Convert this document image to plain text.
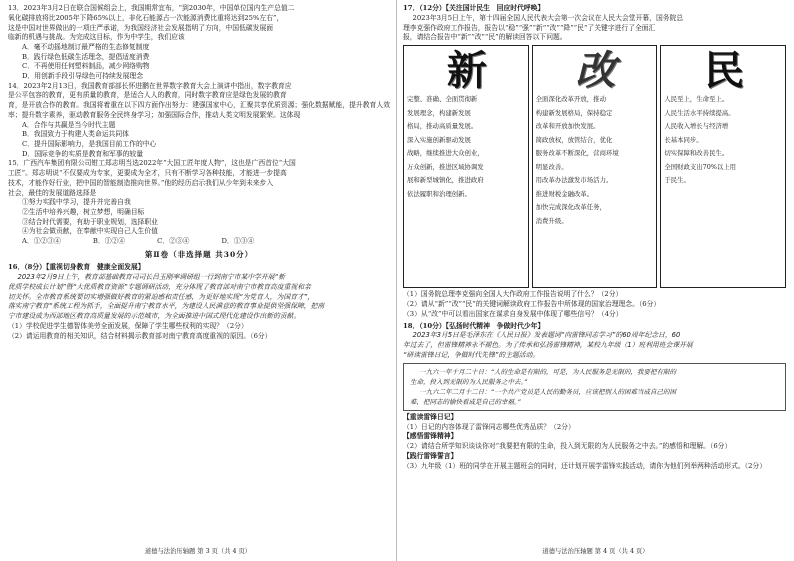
13．2023年3月2日在联合国候组会上，我国期常宜布，“到2030年，中国单位国内生产总值二

氧化碳排放将比2005年下降65%以上，非化石能源占一次能源消费比重将达到25%左右”，

这是中国对世界做出的一项庄严承诺，为我国经济社会发展指明了方向，中国低碳发展面

临新的机遇与挑战。为完成这目标，作为中学生，我们应该

A．毫不动摇地制订最严格的生态修复制度

B．践行绿色低碳生活理念，提倡适度消费

C．不再使用任何塑料制品，减少网络购物

D．用创新手段引导绿色可持续发展理念

14．2023年2月13日，我国教育部部长怀进鹏在世界数字教育大会上演讲中指出，数字教育应

是公平包容的教育，更有质量的教育，是适合人人的教育，同时数字教育应是绿色发展的教育

育，是开放合作的教育。我国将着重在以下四方面作出努力：建强国家中心，汇聚共享优质资源；强化数据赋能，提升教育人效率；提升数字素养，驱动教育服务全民终身学习；加强国际合作，推动人类文明发展繁荣。这体现

A．合作与共赢是当今时代主题

B．我国致力于构建人类命运共同体

C．提升国际影响力，是我国目前工作的中心

D．国际竞争的实质是教育和军事的较量

15．广西汽车集团有限公司钳工郑志明当选2022年“大国工匠年度人物”，这也是广西首位“大国

工匠”。郑志明说“不仅要成为专家，更要成为全才，只有不断学习各种技能，才能进一步提高

技术，才能作好行业，把中国的智能制造推向世界。”他的经历启示我们从少年到未来步入

社会，最佳的发展道路选择是

①努力实践中学习，提升并完善自我

②生活中培养兴趣，树立梦想，明确目标

③结合时代需要，有助于职业规划，选择职业

④为社会做贡献，在奉献中实现自己人生价值

A．①②③④	B．①②④	C．②③④	D．①③④
第Ⅱ卷（非选择题 共30分）

16．（8分）【重视切身教育　健康全面发展】

2023年2月9日上午，教育部基础教育司司长吕玉刚率调研组一行到南宁市某中学开展“新

优质学校成长计划”暨“大优质教育资源”专题调研活动，充分体现了教育部对南宁市教育高度重视和亲

切关怀。全市教育系统要切实增强做好教育的紧迫感和责任感，为更好地实现“为党育人，为国育才”，

落实南宁教育“系统工程为抓手，全面提升南宁教育水平，为建设人民满意的教育事业提供坚强保障，把南

宁市建设成为西部地区教育高质量发展的示范城市，为全面推进中国式现代化建设作出新的贡献。

（1）学校促进学生德智体美劳全面发展，保障了学生哪些权利的实现？（2分）

（2）请运用教育的相关知识，结合材料揭示教育部对南宁教育高度重视的原因。（6分）

道德与法治压轴题 第 3 页（共 4 页）

17．（12分）【关注国计民生　回应时代呼唤】

2023年3月5日上午，第十四届全国人民代表大会第一次会议在人民大会堂开幕，国务院总

理李克强作政府工作报告，报告以“稳”“强”“新”“改”“降”“民”了关键字进行了全面汇

报，请结合报告中“新”“改”“民”的解读回答以下问题。

新

完整、准确、全面贯彻新

发展理念，构建新发展

格局，推动高质量发展。

深入实施创新驱动发展

战略，继续推进大众创业，

万众创新，推进区域协调发

展和新型城镇化，推进政府

依法履职和治理创新。

改

全面深化改革开放，推动

构建新发展格局，保持稳定

改革和开放加快发展。

简政放权，放管结合，优化

服务改革不断深化，营商环境

明显改善。

用改革办法激发市场活力。

推进财税金融改革。

加快完成深化改革任务，

消费升级。

民

人民至上，生命至上。

人民生活水平持续提高。

人民收入增长与经济增

长基本同步。

切实保障和改善民生。

全国财政支出70%以上用

于民生。

（1）国务院总理李克强向全国人大作政府工作报告说明了什么？（2分）

（2）请从“新”“改”“民”的关键词解读政府工作报告中所体现的国家治理理念。（6分）

（3）从“改”中可以看出国家在谋求自身发展中体现了哪些信号？（4分）

18．（10分）【弘扬时代精神　争做时代少年】

2023年3月5日是毛泽东在《人民日报》发表题词“向雷锋同志学习”的60周年纪念日，60

年过去了，但雷锋精神永不褪色。为了传承和弘扬雷锋精神，某校九年级（1）班利用班会课开展

“研读雷锋日记，争做时代先锋”的主题活动。

一九六一年十月二十日：“人的生命是有限的，可是，为人民服务是无限的，我要把有限的

生命，投入到无限的为人民服务之中去。”

一九六二年二月十二日：“一个共产党员是人民的勤务员，应该把别人的困难当成自己的困

难，把同志的愉快看成是自己的幸福。”

【重读雷锋日记】

（1）日记的内容体现了雷锋同志哪些优秀品质？（2分）

【感悟雷锋精神】

（2）请结合所学知识谈谈你对“我要把有限的生命，投入到无限的为人民服务之中去。”的感悟和理解。（6分）

【践行雷锋誓言】

（3）九年级（1）班的同学在开展主题班会的同时，还计划开展学雷锋实践活动，请你为他们列举两种活动形式。（2分）

道德与法治压轴题 第 4 页（共 4 页）
